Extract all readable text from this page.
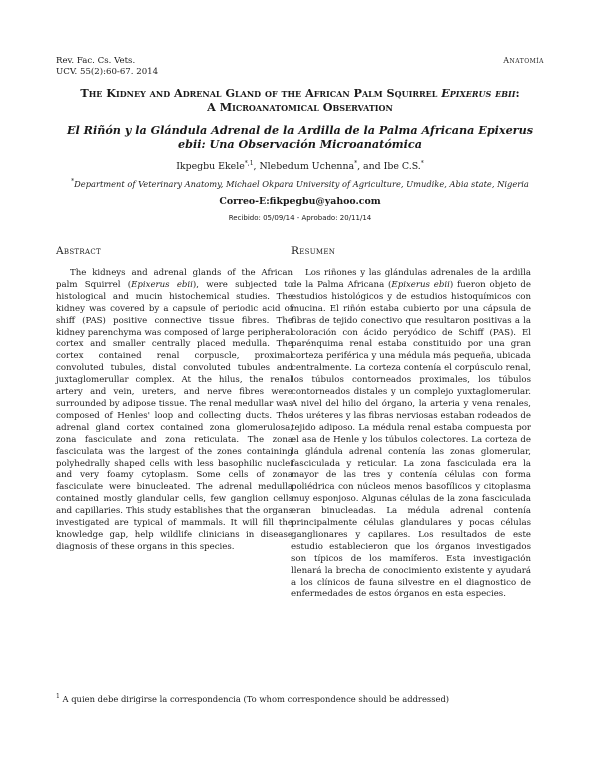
Rev. Fac. Cs. Vets.
UCV. 55(2):60-67. 2014
Anatomía
The Kidney and Adrenal Gland of the African Palm Squirrel Epixerus ebii:
A Microanatomical Observation
El Riñón y la Glándula Adrenal de la Ardilla de la Palma Africana Epixerus ebii: Una Observación Microanatómica
Ikpegbu Ekele$^{*,1}$, Nlebedum Uchenna*, and Ibe C.S.*
*Department of Veterinary Anatomy, Michael Okpara University of Agriculture, Umudike, Abia state, Nigeria
Correo-E:fikpegbu@yahoo.com
Recibido: 05/09/14 - Aprobado: 20/11/14
Abstract	Resumen

The kidneys and adrenal glands of the African palm Squirrel (Epixerus ebii), were subjected to histological and mucin histochemical studies. The kidney was covered by a capsule of periodic acid of shiff (PAS) positive connective tissue fibres. The kidney parenchyma was composed of large peripheral cortex and smaller centrally placed medulla. The cortex contained renal corpuscle, proximal convoluted tubules, distal convoluted tubules and juxtaglomerullar complex. At the hilus, the renal artery and vein, ureters, and nerve fibres were surrounded by adipose tissue. The renal medullar was composed of Henles' loop and collecting ducts. The adrenal gland cortex contained zona glomerulosa, zona fasciculate and zona reticulata. The zona fasciculata was the largest of the zones containing polyhedrally shaped cells with less basophilic nuclei and very foamy cytoplasm. Some cells of zona fasciculate were binucleated. The adrenal medulla contained mostly glandular cells, few ganglion cells and capillaries. This study establishes that the organs investigated are typical of mammals. It will fill the knowledge gap, help wildlife clinicians in disease diagnosis of these organs in this species.

Los riñones y las glándulas adrenales de la ardilla de la Palma Africana (Epixerus ebii) fueron objeto de estudios histológicos y de estudios histoquímicos con mucina. El riñón estaba cubierto por una cápsula de fibras de tejido conectivo que resultaron positivas a la coloración con ácido peryódico de Schiff (PAS). El parénquima renal estaba constituido por una gran corteza periférica y una médula más pequeña, ubicada centralmente. La corteza contenía el corpúsculo renal, los túbulos contorneados proximales, los túbulos contorneados distales y un complejo yuxtaglomerular. A nivel del hilio del órgano, la arteria y vena renales, los uréteres y las fibras nerviosas estaban rodeados de tejido adiposo. La médula renal estaba compuesta por el asa de Henle y los túbulos colectores. La corteza de la glándula adrenal contenía las zonas glomerular, fasciculada y reticular. La zona fasciculada era la mayor de las tres y contenía células con forma poliédrica con núcleos menos basofílicos y citoplasma muy esponjoso. Algunas células de la zona fasciculada eran binucleadas. La médula adrenal contenía principalmente células glandulares y pocas células ganglionares y capilares. Los resultados de este estudio establecieron que los órganos investigados son típicos de los mamíferos. Esta investigación llenará la brecha de conocimiento existente y ayudará a los clínicos de fauna silvestre en el diagnostico de enfermedades de estos órganos en esta especies.

$^1$ A quien debe dirigirse la correspondencia (To whom correspondence should be addressed)
